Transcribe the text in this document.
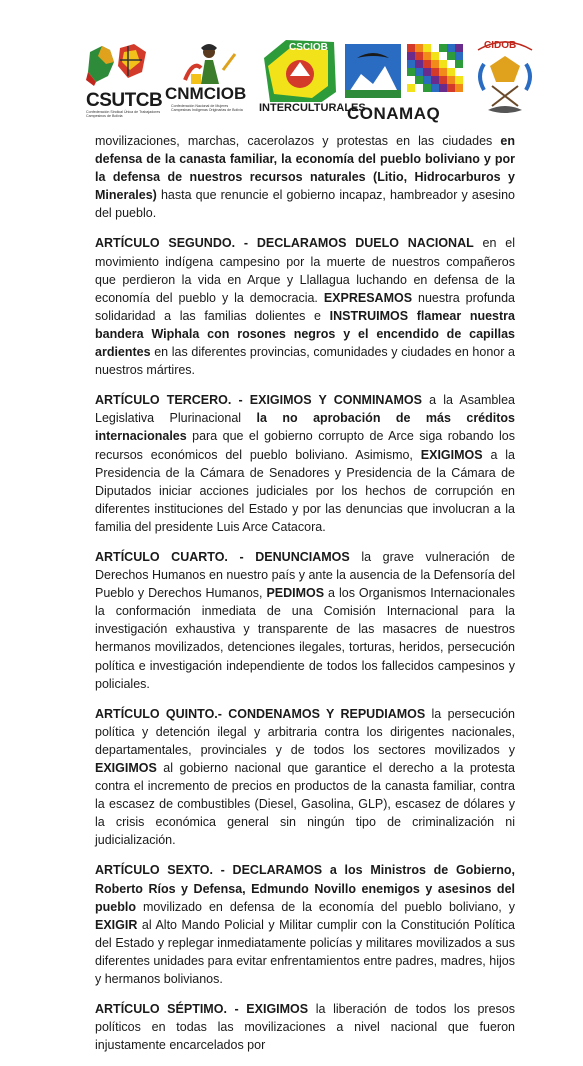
CSUTCB
Confederación Sindical Única de Trabajadores Campesinos de Bolivia
CNMCIOB
Confederación Nacional de Mujeres Campesinas Indígenas Originarias de Bolivia
CSCIOB
INTERCULTURALES
CONAMAQ
CIDOB

movilizaciones, marchas, cacerolazos y protestas en las ciudades en defensa de la canasta familiar, la economía del pueblo boliviano y por la defensa de nuestros recursos naturales (Litio, Hidrocarburos y Minerales) hasta que renuncie el gobierno incapaz, hambreador y asesino del pueblo.

ARTÍCULO SEGUNDO. - DECLARAMOS DUELO NACIONAL en el movimiento indígena campesino por la muerte de nuestros compañeros que perdieron la vida en Arque y Llallagua luchando en defensa de la economía del pueblo y la democracia. EXPRESAMOS nuestra profunda solidaridad a las familias dolientes e INSTRUIMOS flamear nuestra bandera Wiphala con rosones negros y el encendido de capillas ardientes en las diferentes provincias, comunidades y ciudades en honor a nuestros mártires.

ARTÍCULO TERCERO. - EXIGIMOS Y CONMINAMOS a la Asamblea Legislativa Plurinacional la no aprobación de más créditos internacionales para que el gobierno corrupto de Arce siga robando los recursos económicos del pueblo boliviano. Asimismo, EXIGIMOS a la Presidencia de la Cámara de Senadores y Presidencia de la Cámara de Diputados iniciar acciones judiciales por los hechos de corrupción en diferentes instituciones del Estado y por las denuncias que involucran a la familia del presidente Luis Arce Catacora.

ARTÍCULO CUARTO. - DENUNCIAMOS la grave vulneración de Derechos Humanos en nuestro país y ante la ausencia de la Defensoría del Pueblo y Derechos Humanos, PEDIMOS a los Organismos Internacionales la conformación inmediata de una Comisión Internacional para la investigación exhaustiva y transparente de las masacres de nuestros hermanos movilizados, detenciones ilegales, torturas, heridos, persecución política e investigación independiente de todos los fallecidos campesinos y policiales.

ARTÍCULO QUINTO.- CONDENAMOS Y REPUDIAMOS la persecución política y detención ilegal y arbitraria contra los dirigentes nacionales, departamentales, provinciales y de todos los sectores movilizados y EXIGIMOS al gobierno nacional que garantice el derecho a la protesta contra el incremento de precios en productos de la canasta familiar, contra la escasez de combustibles (Diesel, Gasolina, GLP), escasez de dólares y la crisis económica general sin ningún tipo de criminalización ni judicialización.

ARTÍCULO SEXTO. - DECLARAMOS a los Ministros de Gobierno, Roberto Ríos y Defensa, Edmundo Novillo enemigos y asesinos del pueblo movilizado en defensa de la economía del pueblo boliviano, y EXIGIR al Alto Mando Policial y Militar cumplir con la Constitución Política del Estado y replegar inmediatamente policías y militares movilizados a sus diferentes unidades para evitar enfrentamientos entre padres, madres, hijos y hermanos bolivianos.

ARTÍCULO SÉPTIMO. - EXIGIMOS la liberación de todos los presos políticos en todas las movilizaciones a nivel nacional que fueron injustamente encarcelados por
